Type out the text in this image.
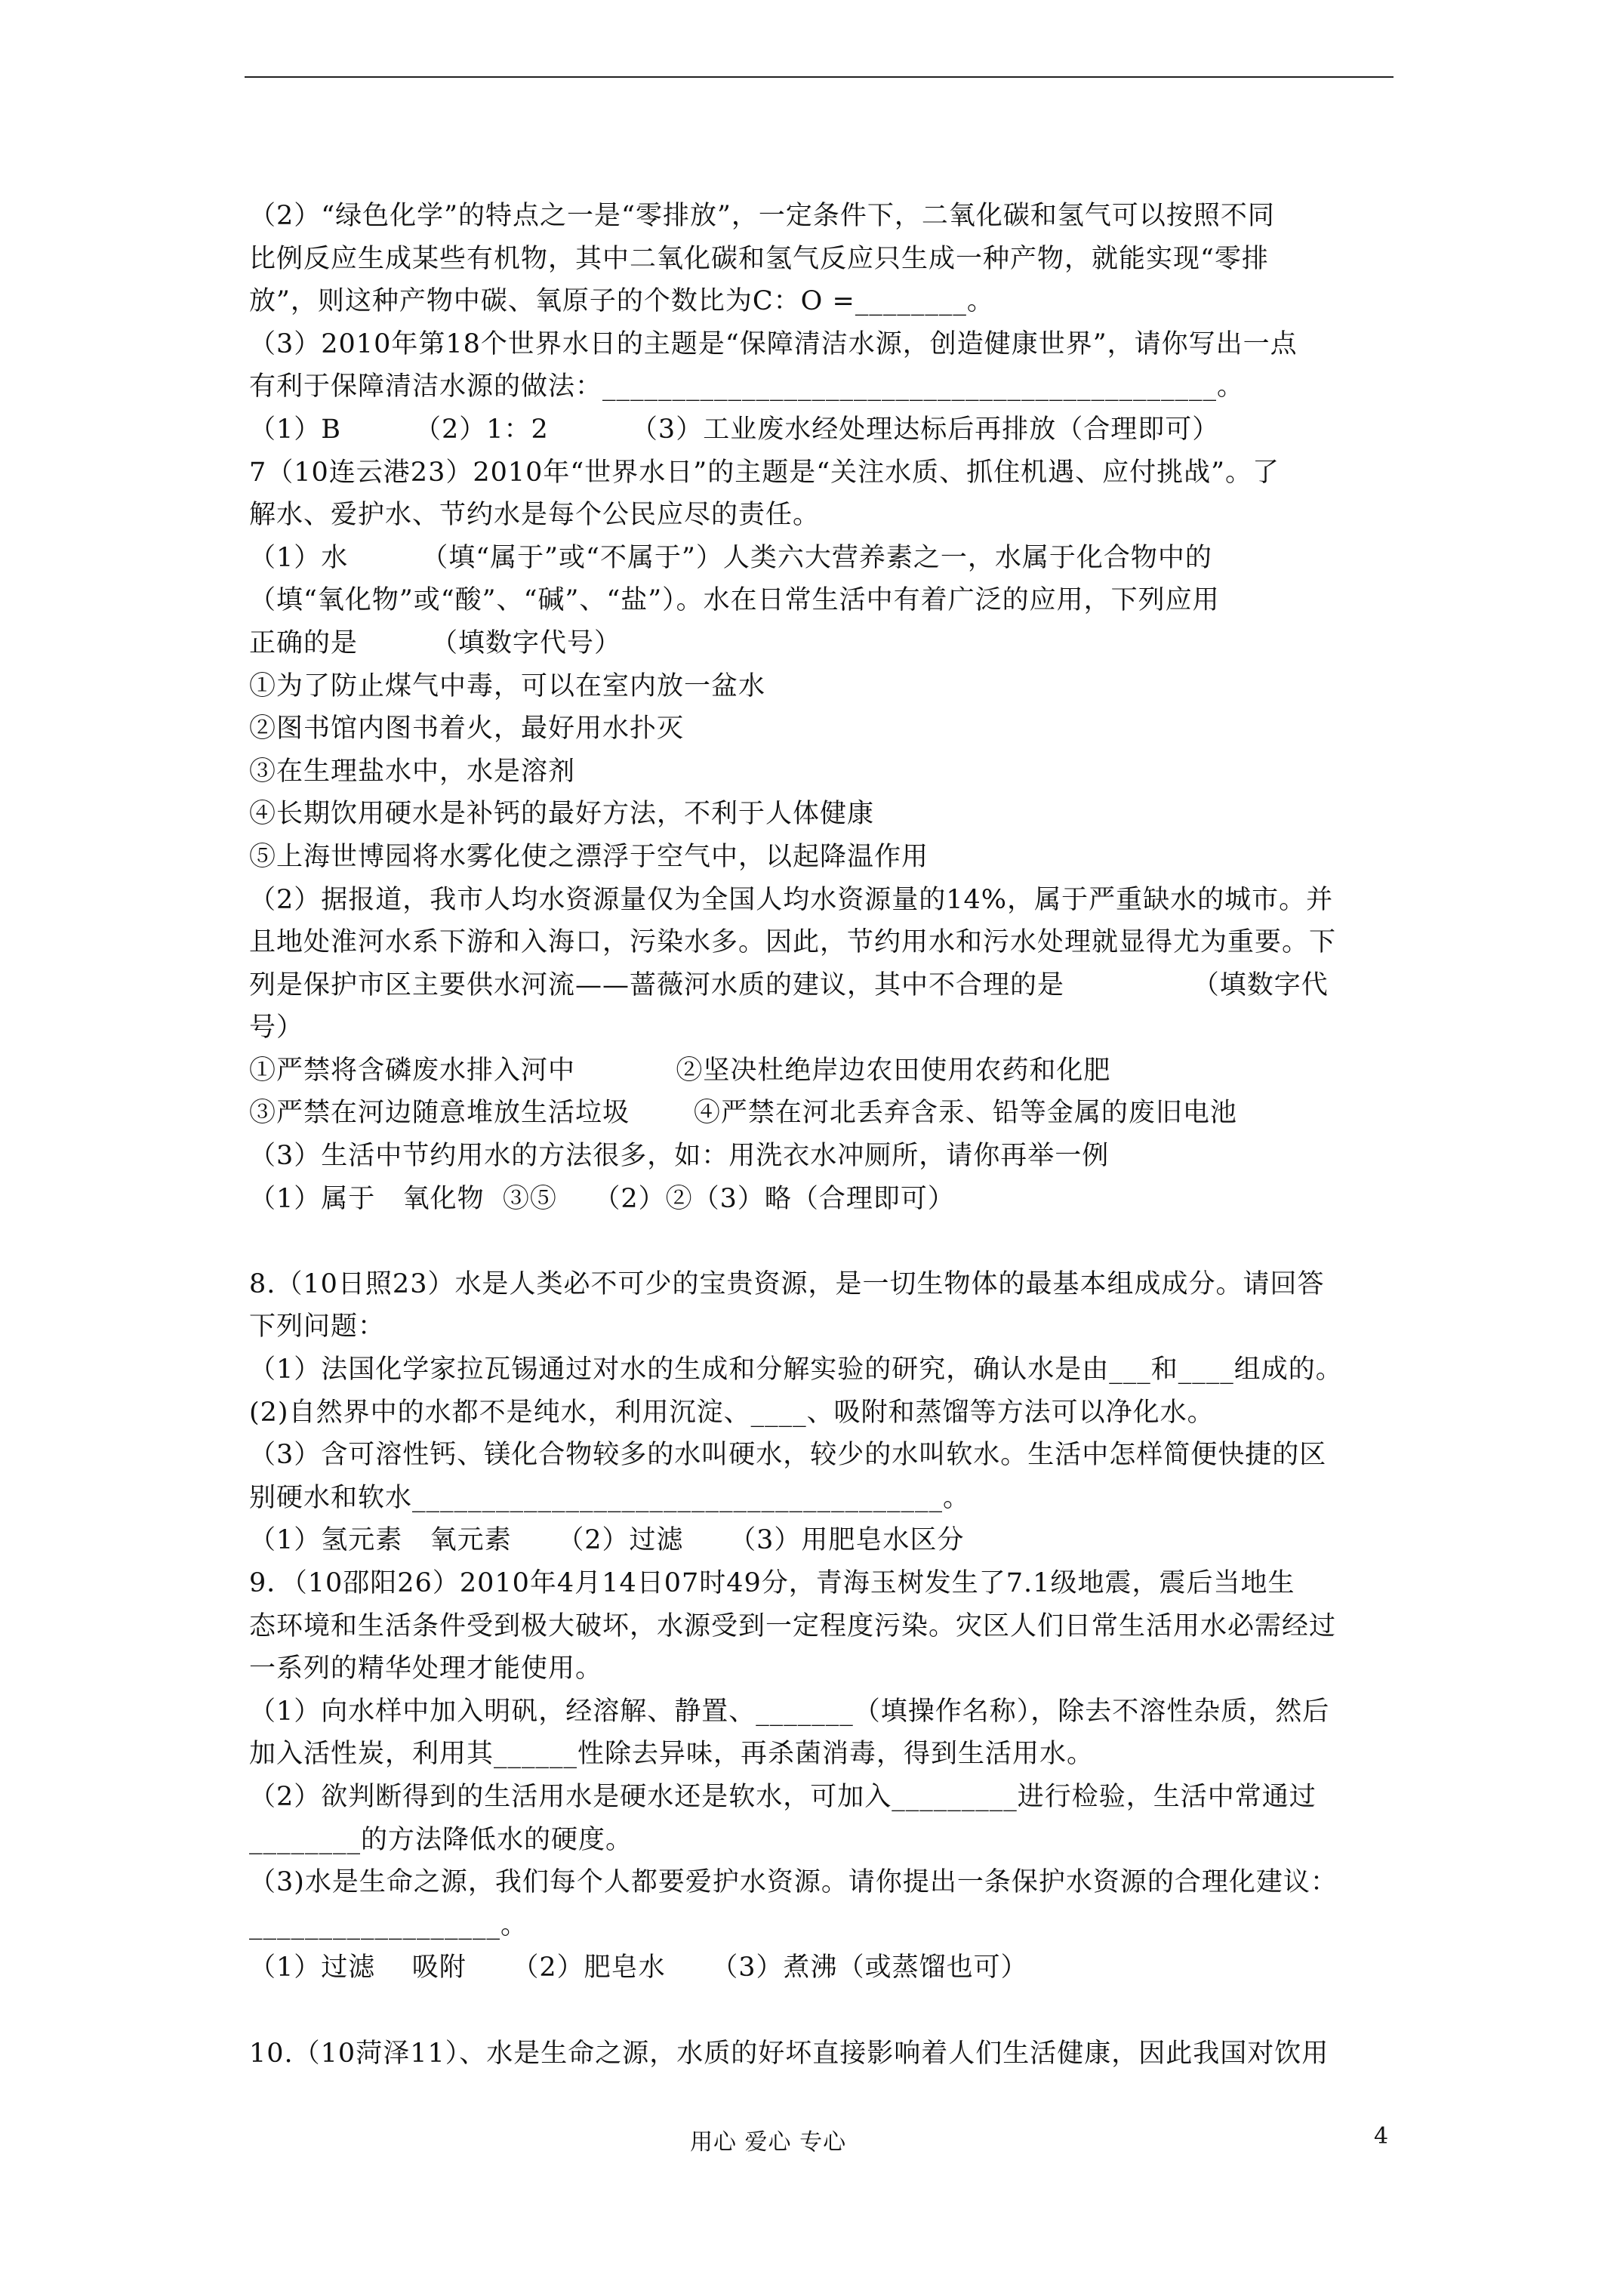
（2）“绿色化学”的特点之一是“零排放”，一定条件下，二氧化碳和氢气可以按照不同
比例反应生成某些有机物，其中二氧化碳和氢气反应只生成一种产物，就能实现“零排
放”，则这种产物中碳、氧原子的个数比为C：O =________。
（3）2010年第18个世界水日的主题是“保障清洁水源，创造健康世界”，请你写出一点
有利于保障清洁水源的做法：____________________________________________。
（1）B        （2）1：2         （3）工业废水经处理达标后再排放（合理即可）
7（10连云港23）2010年“世界水日”的主题是“关注水质、抓住机遇、应付挑战”。了
解水、爱护水、节约水是每个公民应尽的责任。
（1）水        （填“属于”或“不属于”）人类六大营养素之一，水属于化合物中的
（填“氧化物”或“酸”、“碱”、“盐”）。水在日常生活中有着广泛的应用，下列应用
正确的是        （填数字代号）
①为了防止煤气中毒，可以在室内放一盆水
②图书馆内图书着火，最好用水扑灭
③在生理盐水中，水是溶剂
④长期饮用硬水是补钙的最好方法，不利于人体健康
⑤上海世博园将水雾化使之漂浮于空气中，以起降温作用
（2）据报道，我市人均水资源量仅为全国人均水资源量的14%，属于严重缺水的城市。并
且地处淮河水系下游和入海口，污染水多。因此，节约用水和污水处理就显得尤为重要。下
列是保护市区主要供水河流——蔷薇河水质的建议，其中不合理的是              （填数字代
号）
①严禁将含磷废水排入河中           ②坚决杜绝岸边农田使用农药和化肥
③严禁在河边随意堆放生活垃圾       ④严禁在河北丢弃含汞、铅等金属的废旧电池
（3）生活中节约用水的方法很多，如：用洗衣水冲厕所，请你再举一例
（1）属于   氧化物  ③⑤    （2）②（3）略（合理即可）
8.（10日照23）水是人类必不可少的宝贵资源，是一切生物体的最基本组成成分。请回答
下列问题：
（1）法国化学家拉瓦锡通过对水的生成和分解实验的研究，确认水是由___和____组成的。
(2)自然界中的水都不是纯水，利用沉淀、____、吸附和蒸馏等方法可以净化水。
（3）含可溶性钙、镁化合物较多的水叫硬水，较少的水叫软水。生活中怎样简便快捷的区
别硬水和软水______________________________________。
（1）氢元素   氧元素     （2）过滤     （3）用肥皂水区分
9．（10邵阳26）2010年4月14日07时49分，青海玉树发生了7.1级地震，震后当地生
态环境和生活条件受到极大破坏，水源受到一定程度污染。灾区人们日常生活用水必需经过
一系列的精华处理才能使用。
（1）向水样中加入明矾，经溶解、静置、_______（填操作名称），除去不溶性杂质，然后
加入活性炭，利用其______性除去异味，再杀菌消毒，得到生活用水。
（2）欲判断得到的生活用水是硬水还是软水，可加入_________进行检验，生活中常通过
________的方法降低水的硬度。
（3)水是生命之源，我们每个人都要爱护水资源。请你提出一条保护水资源的合理化建议：
__________________。
（1）过滤    吸附     （2）肥皂水     （3）煮沸（或蒸馏也可）
10.（10菏泽11）、水是生命之源，水质的好坏直接影响着人们生活健康，因此我国对饮用
用心 爱心 专心	4
